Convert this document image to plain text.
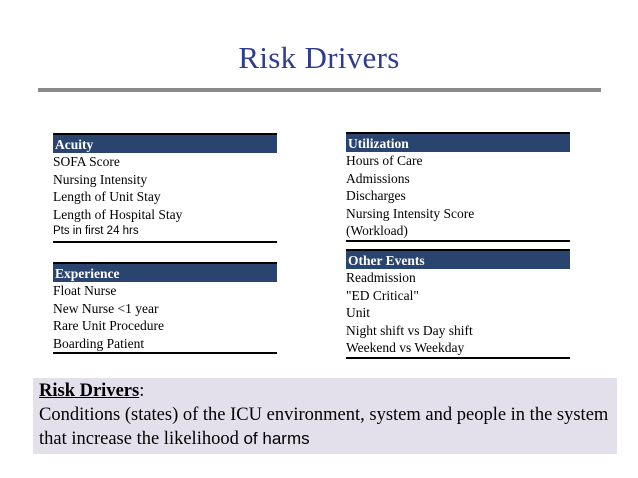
Risk Drivers
Acuity
SOFA Score
Nursing Intensity
Length of Unit Stay
Length of Hospital Stay
Pts in first 24 hrs
Experience
Float Nurse
New Nurse <1 year
Rare Unit Procedure
Boarding Patient
Utilization
Hours of Care
Admissions
Discharges
Nursing Intensity Score
(Workload)
Other Events
Readmission
"ED Critical"
Unit
Night shift vs Day shift
Weekend vs Weekday
Risk Drivers:
Conditions (states) of the ICU environment, system and people in the system that increase the likelihood of harms
